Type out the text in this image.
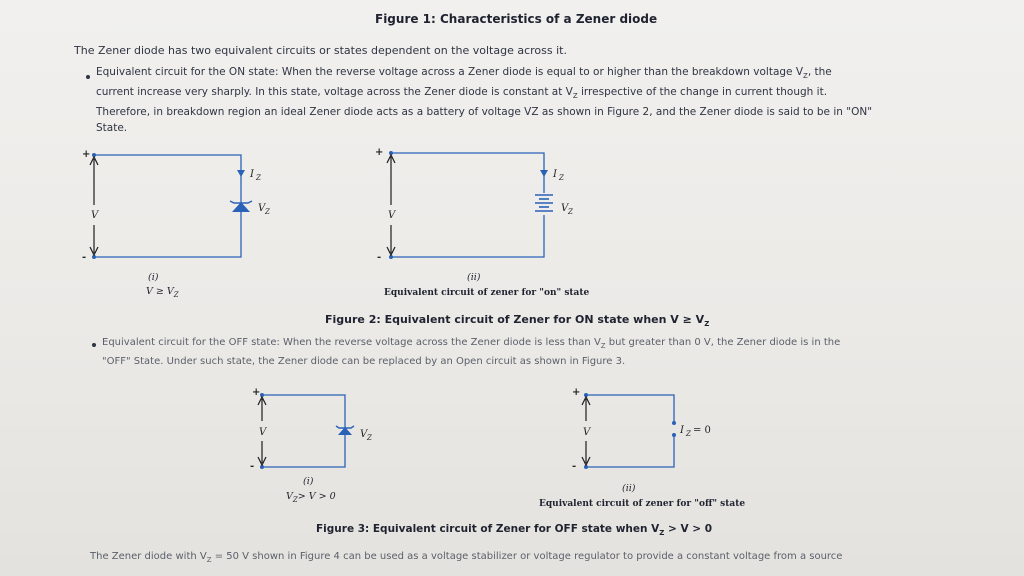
Figure 1: Characteristics of a Zener diode
The Zener diode has two equivalent circuits or states dependent on the voltage across it.
Equivalent circuit for the ON state: When the reverse voltage across a Zener diode is equal to or higher than the breakdown voltage $V_Z$, the
current increase very sharply. In this state, voltage across the Zener diode is constant at $V_Z$ irrespective of the change in current though it.
Therefore, in breakdown region an ideal Zener diode acts as a battery of voltage VZ as shown in Figure 2, and the Zener diode is said to be in "ON"
State.
+
-
V
I Z
V Z
(i)
$V \ge V_Z$
+
-
V
I Z
V Z
(ii)
Equivalent circuit of zener for "on" state
Figure 2: Equivalent circuit of Zener for ON state when $V \ge V_Z$
Equivalent circuit for the OFF state: When the reverse voltage across the Zener diode is less than $V_Z$ but greater than 0 V, the Zener diode is in the
"OFF" State. Under such state, the Zener diode can be replaced by an Open circuit as shown in Figure 3.
+
-
V	V Z
(i)
$V_Z> V > 0$
+
-
V	I Z = 0
(ii)
Equivalent circuit of zener for "off" state
Figure 3: Equivalent circuit of Zener for OFF state when $V_Z > V > 0$
The Zener diode with $V_Z = 50$ V shown in Figure 4 can be used as a voltage stabilizer or voltage regulator to provide a constant voltage from a source
